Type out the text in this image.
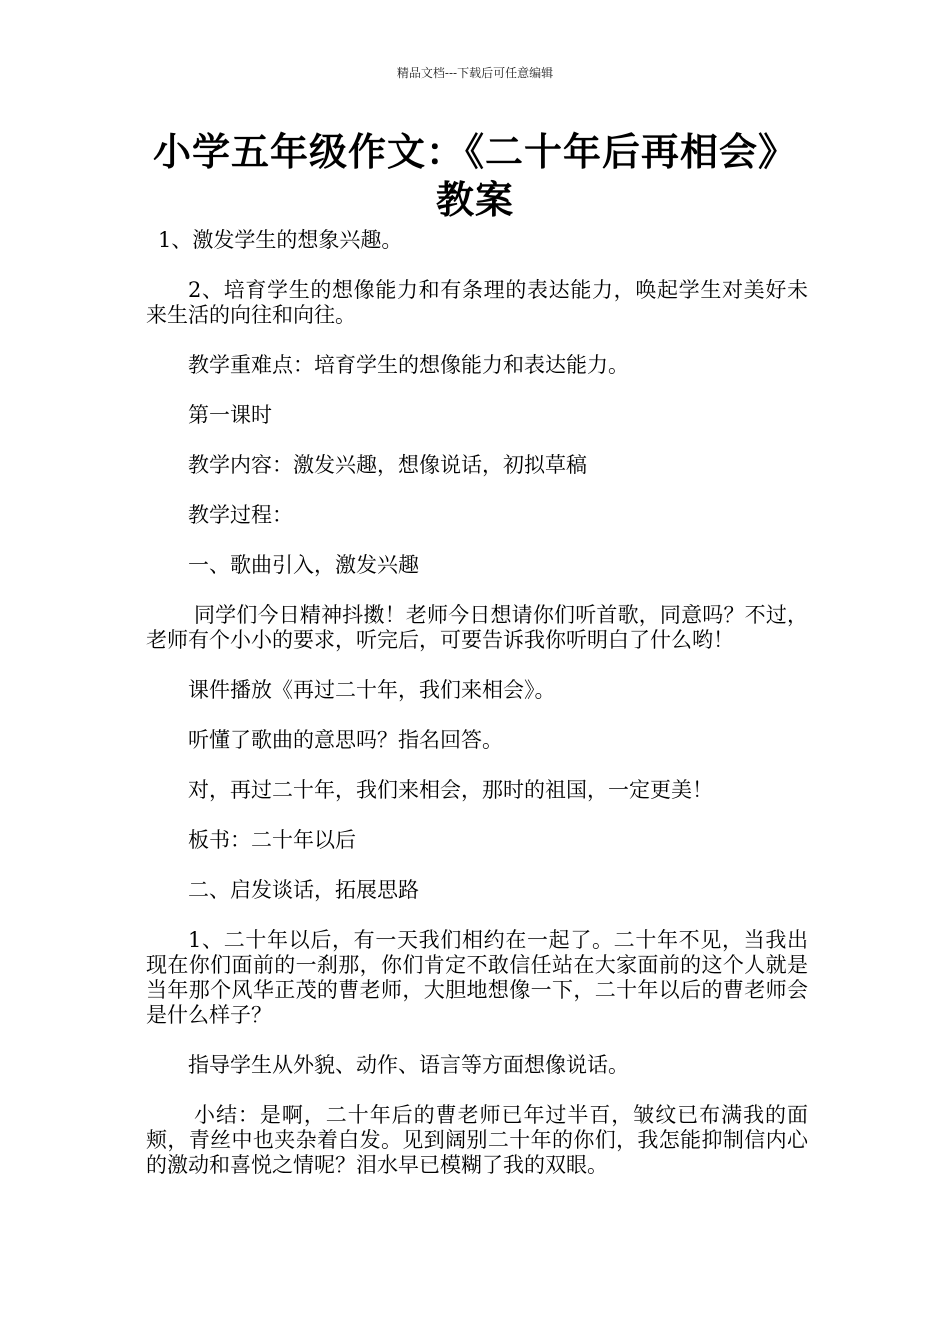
精品文档---下载后可任意编辑
小学五年级作文：《二十年后再相会》
教案

1、激发学生的想象兴趣。

2、培育学生的想像能力和有条理的表达能力，唤起学生对美好未来生活的向往和向往。

教学重难点：培育学生的想像能力和表达能力。

第一课时

教学内容：激发兴趣，想像说话，初拟草稿

教学过程：

一、歌曲引入，激发兴趣

同学们今日精神抖擞！老师今日想请你们听首歌，同意吗？不过，老师有个小小的要求，听完后，可要告诉我你听明白了什么哟！

课件播放《再过二十年，我们来相会》。

听懂了歌曲的意思吗？指名回答。

对，再过二十年，我们来相会，那时的祖国，一定更美！

板书：二十年以后

二、启发谈话，拓展思路

1、二十年以后，有一天我们相约在一起了。二十年不见，当我出现在你们面前的一刹那，你们肯定不敢信任站在大家面前的这个人就是当年那个风华正茂的曹老师，大胆地想像一下，二十年以后的曹老师会是什么样子？

指导学生从外貌、动作、语言等方面想像说话。

小结：是啊，二十年后的曹老师已年过半百，皱纹已布满我的面颊，青丝中也夹杂着白发。见到阔别二十年的你们，我怎能抑制信内心的激动和喜悦之情呢？泪水早已模糊了我的双眼。
